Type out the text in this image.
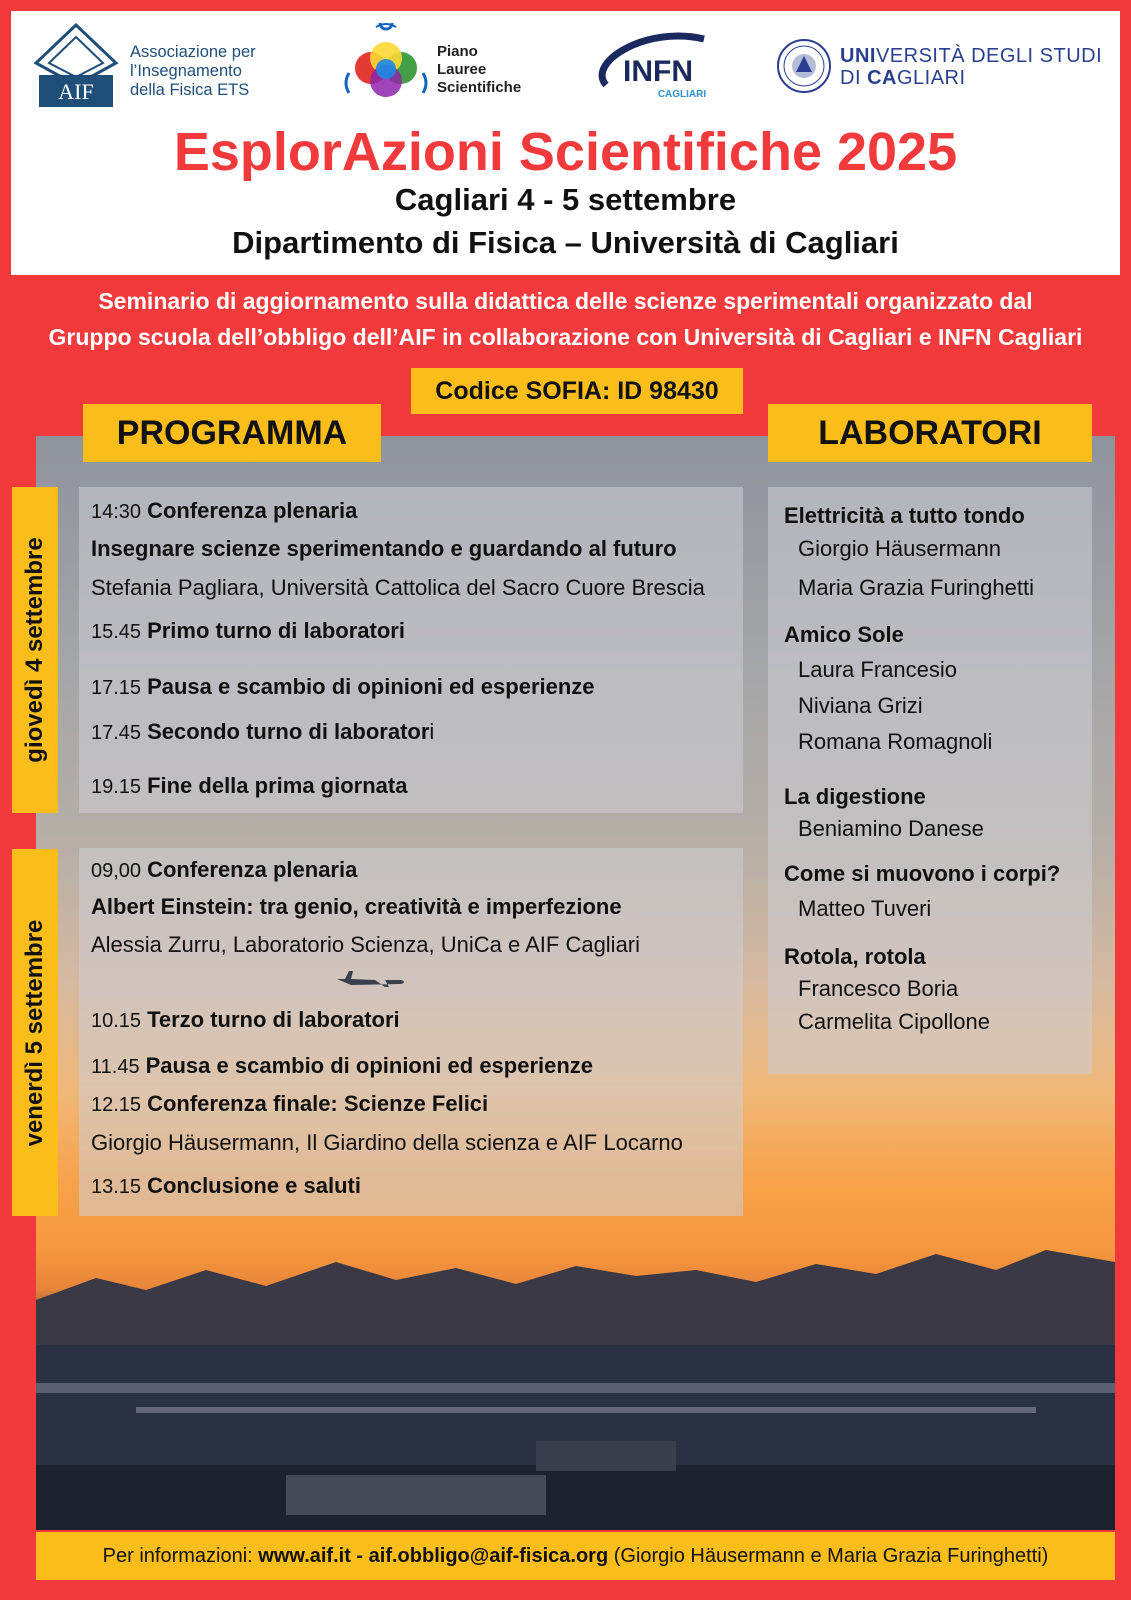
AIF
Associazione per
l’Insegnamento
della Fisica ETS
Piano
Lauree
Scientifiche	INFN
CAGLIARI
UNIVERSITÀ DEGLI STUDI
DI CAGLIARI
EsplorAzioni Scientifiche 2025
Cagliari 4 - 5 settembre
Dipartimento di Fisica – Università di Cagliari
Seminario di aggiornamento sulla didattica delle scienze sperimentali organizzato dal
Gruppo scuola dell’obbligo dell’AIF in collaborazione con Università di Cagliari e INFN Cagliari
Codice SOFIA: ID 98430
PROGRAMMA	LABORATORI
giovedì 4 settembre
venerdì 5 settembre
14:30 Conferenza plenaria
Insegnare scienze sperimentando e guardando al futuro
Stefania Pagliara, Università Cattolica del Sacro Cuore Brescia
15.45 Primo turno di laboratori
17.15 Pausa e scambio di opinioni ed esperienze
17.45 Secondo turno di laboratori
19.15 Fine della prima giornata
09,00 Conferenza plenaria
Albert Einstein: tra genio, creatività e imperfezione
Alessia Zurru, Laboratorio Scienza, UniCa e AIF Cagliari
10.15 Terzo turno di laboratori
11.45 Pausa e scambio di opinioni ed esperienze
12.15 Conferenza finale: Scienze Felici
Giorgio Häusermann, Il Giardino della scienza e AIF Locarno
13.15 Conclusione e saluti
Elettricità a tutto tondo
Giorgio Häusermann
Maria Grazia Furinghetti
Amico Sole
Laura Francesio
Niviana Grizi
Romana Romagnoli
La digestione
Beniamino Danese
Come si muovono i corpi?
Matteo Tuveri
Rotola, rotola
Francesco Boria
Carmelita Cipollone
Per informazioni: www.aif.it - aif.obbligo@aif-fisica.org (Giorgio Häusermann e Maria Grazia Furinghetti)
